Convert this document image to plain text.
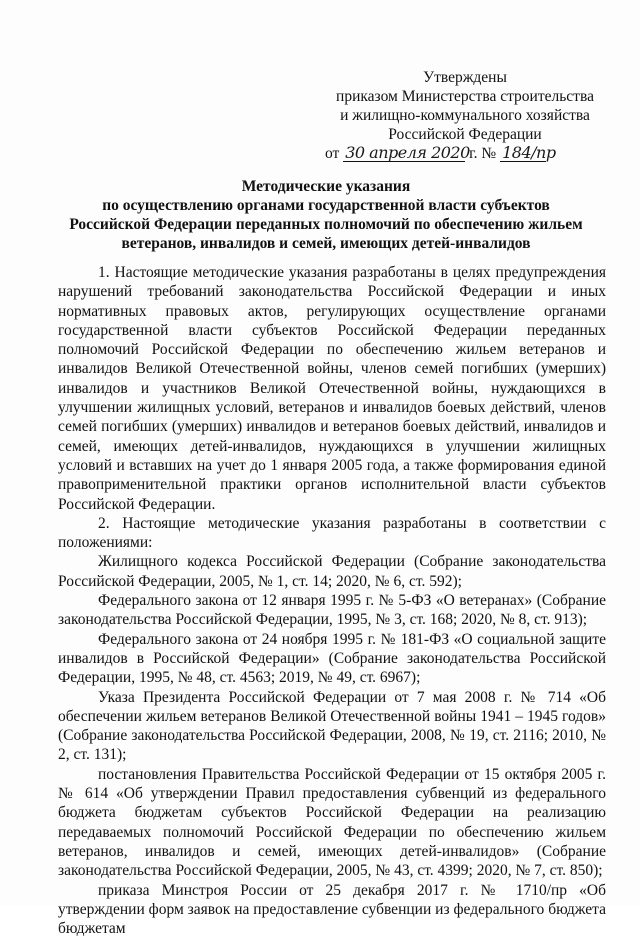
Утверждены
приказом Министерства строительства
и жилищно-коммунального хозяйства
Российской Федерации
от 30 апреля 2020 г. № 184/пр
Методические указания
по осуществлению органами государственной власти субъектов
Российской Федерации переданных полномочий по обеспечению жильем
ветеранов, инвалидов и семей, имеющих детей-инвалидов

1. Настоящие методические указания разработаны в целях предупреждения нарушений требований законодательства Российской Федерации и иных нормативных правовых актов, регулирующих осуществление органами государственной власти субъектов Российской Федерации переданных полномочий Российской Федерации по обеспечению жильем ветеранов и инвалидов Великой Отечественной войны, членов семей погибших (умерших) инвалидов и участников Великой Отечественной войны, нуждающихся в улучшении жилищных условий, ветеранов и инвалидов боевых действий, членов семей погибших (умерших) инвалидов и ветеранов боевых действий, инвалидов и семей, имеющих детей-инвалидов, нуждающихся в улучшении жилищных условий и вставших на учет до 1 января 2005 года, а также формирования единой правоприменительной практики органов исполнительной власти субъектов Российской Федерации.

2. Настоящие методические указания разработаны в соответствии с положениями:

Жилищного кодекса Российской Федерации (Собрание законодательства Российской Федерации, 2005, № 1, ст. 14; 2020, № 6, ст. 592);

Федерального закона от 12 января 1995 г. № 5-ФЗ «О ветеранах» (Собрание законодательства Российской Федерации, 1995, № 3, ст. 168; 2020, № 8, ст. 913);

Федерального закона от 24 ноября 1995 г. № 181-ФЗ «О социальной защите инвалидов в Российской Федерации» (Собрание законодательства Российской Федерации, 1995, № 48, ст. 4563; 2019, № 49, ст. 6967);

Указа Президента Российской Федерации от 7 мая 2008 г. № 714 «Об обеспечении жильем ветеранов Великой Отечественной войны 1941 – 1945 годов» (Собрание законодательства Российской Федерации, 2008, № 19, ст. 2116; 2010, № 2, ст. 131);

постановления Правительства Российской Федерации от 15 октября 2005 г. № 614 «Об утверждении Правил предоставления субвенций из федерального бюджета бюджетам субъектов Российской Федерации на реализацию передаваемых полномочий Российской Федерации по обеспечению жильем ветеранов, инвалидов и семей, имеющих детей-инвалидов» (Собрание законодательства Российской Федерации, 2005, № 43, ст. 4399; 2020, № 7, ст. 850);

приказа Минстроя России от 25 декабря 2017 г. № 1710/пр «Об утверждении форм заявок на предоставление субвенции из федерального бюджета бюджетам
